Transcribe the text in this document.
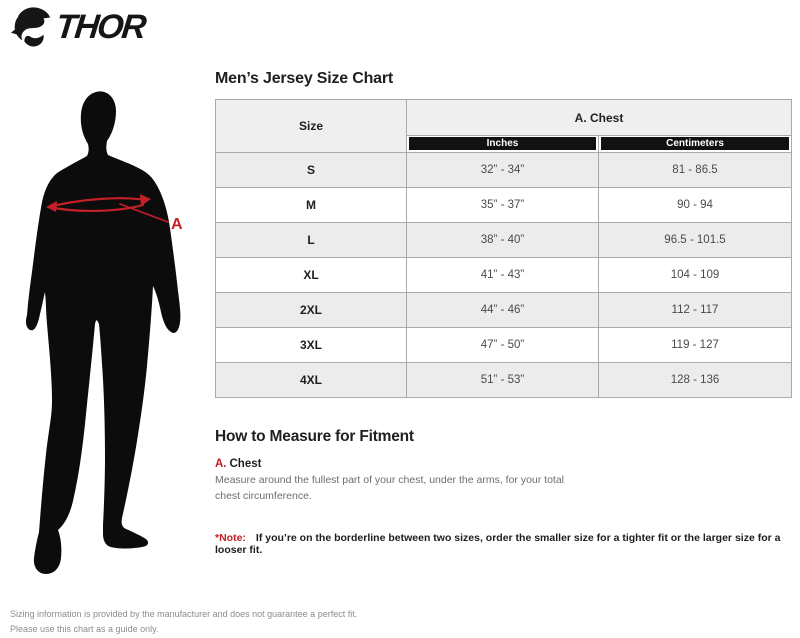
THOR
A
Men’s Jersey Size Chart
Size	A. Chest	

	Inches	Centimeters

S	32” - 34”	81 - 86.5
M	35” - 37”	90 - 94
L	38” - 40”	96.5 - 101.5
XL	41” - 43”	104 - 109
2XL	44” - 46”	112 - 117
3XL	47” - 50”	119 - 127
4XL	51” - 53”	128 - 136
How to Measure for Fitment
A. Chest
Measure around the fullest part of your chest, under the arms, for your total chest circumference.
*Note: If you’re on the borderline between two sizes, order the smaller size for a tighter fit or the larger size for a looser fit.
Sizing information is provided by the manufacturer and does not guarantee a perfect fit.
Please use this chart as a guide only.
